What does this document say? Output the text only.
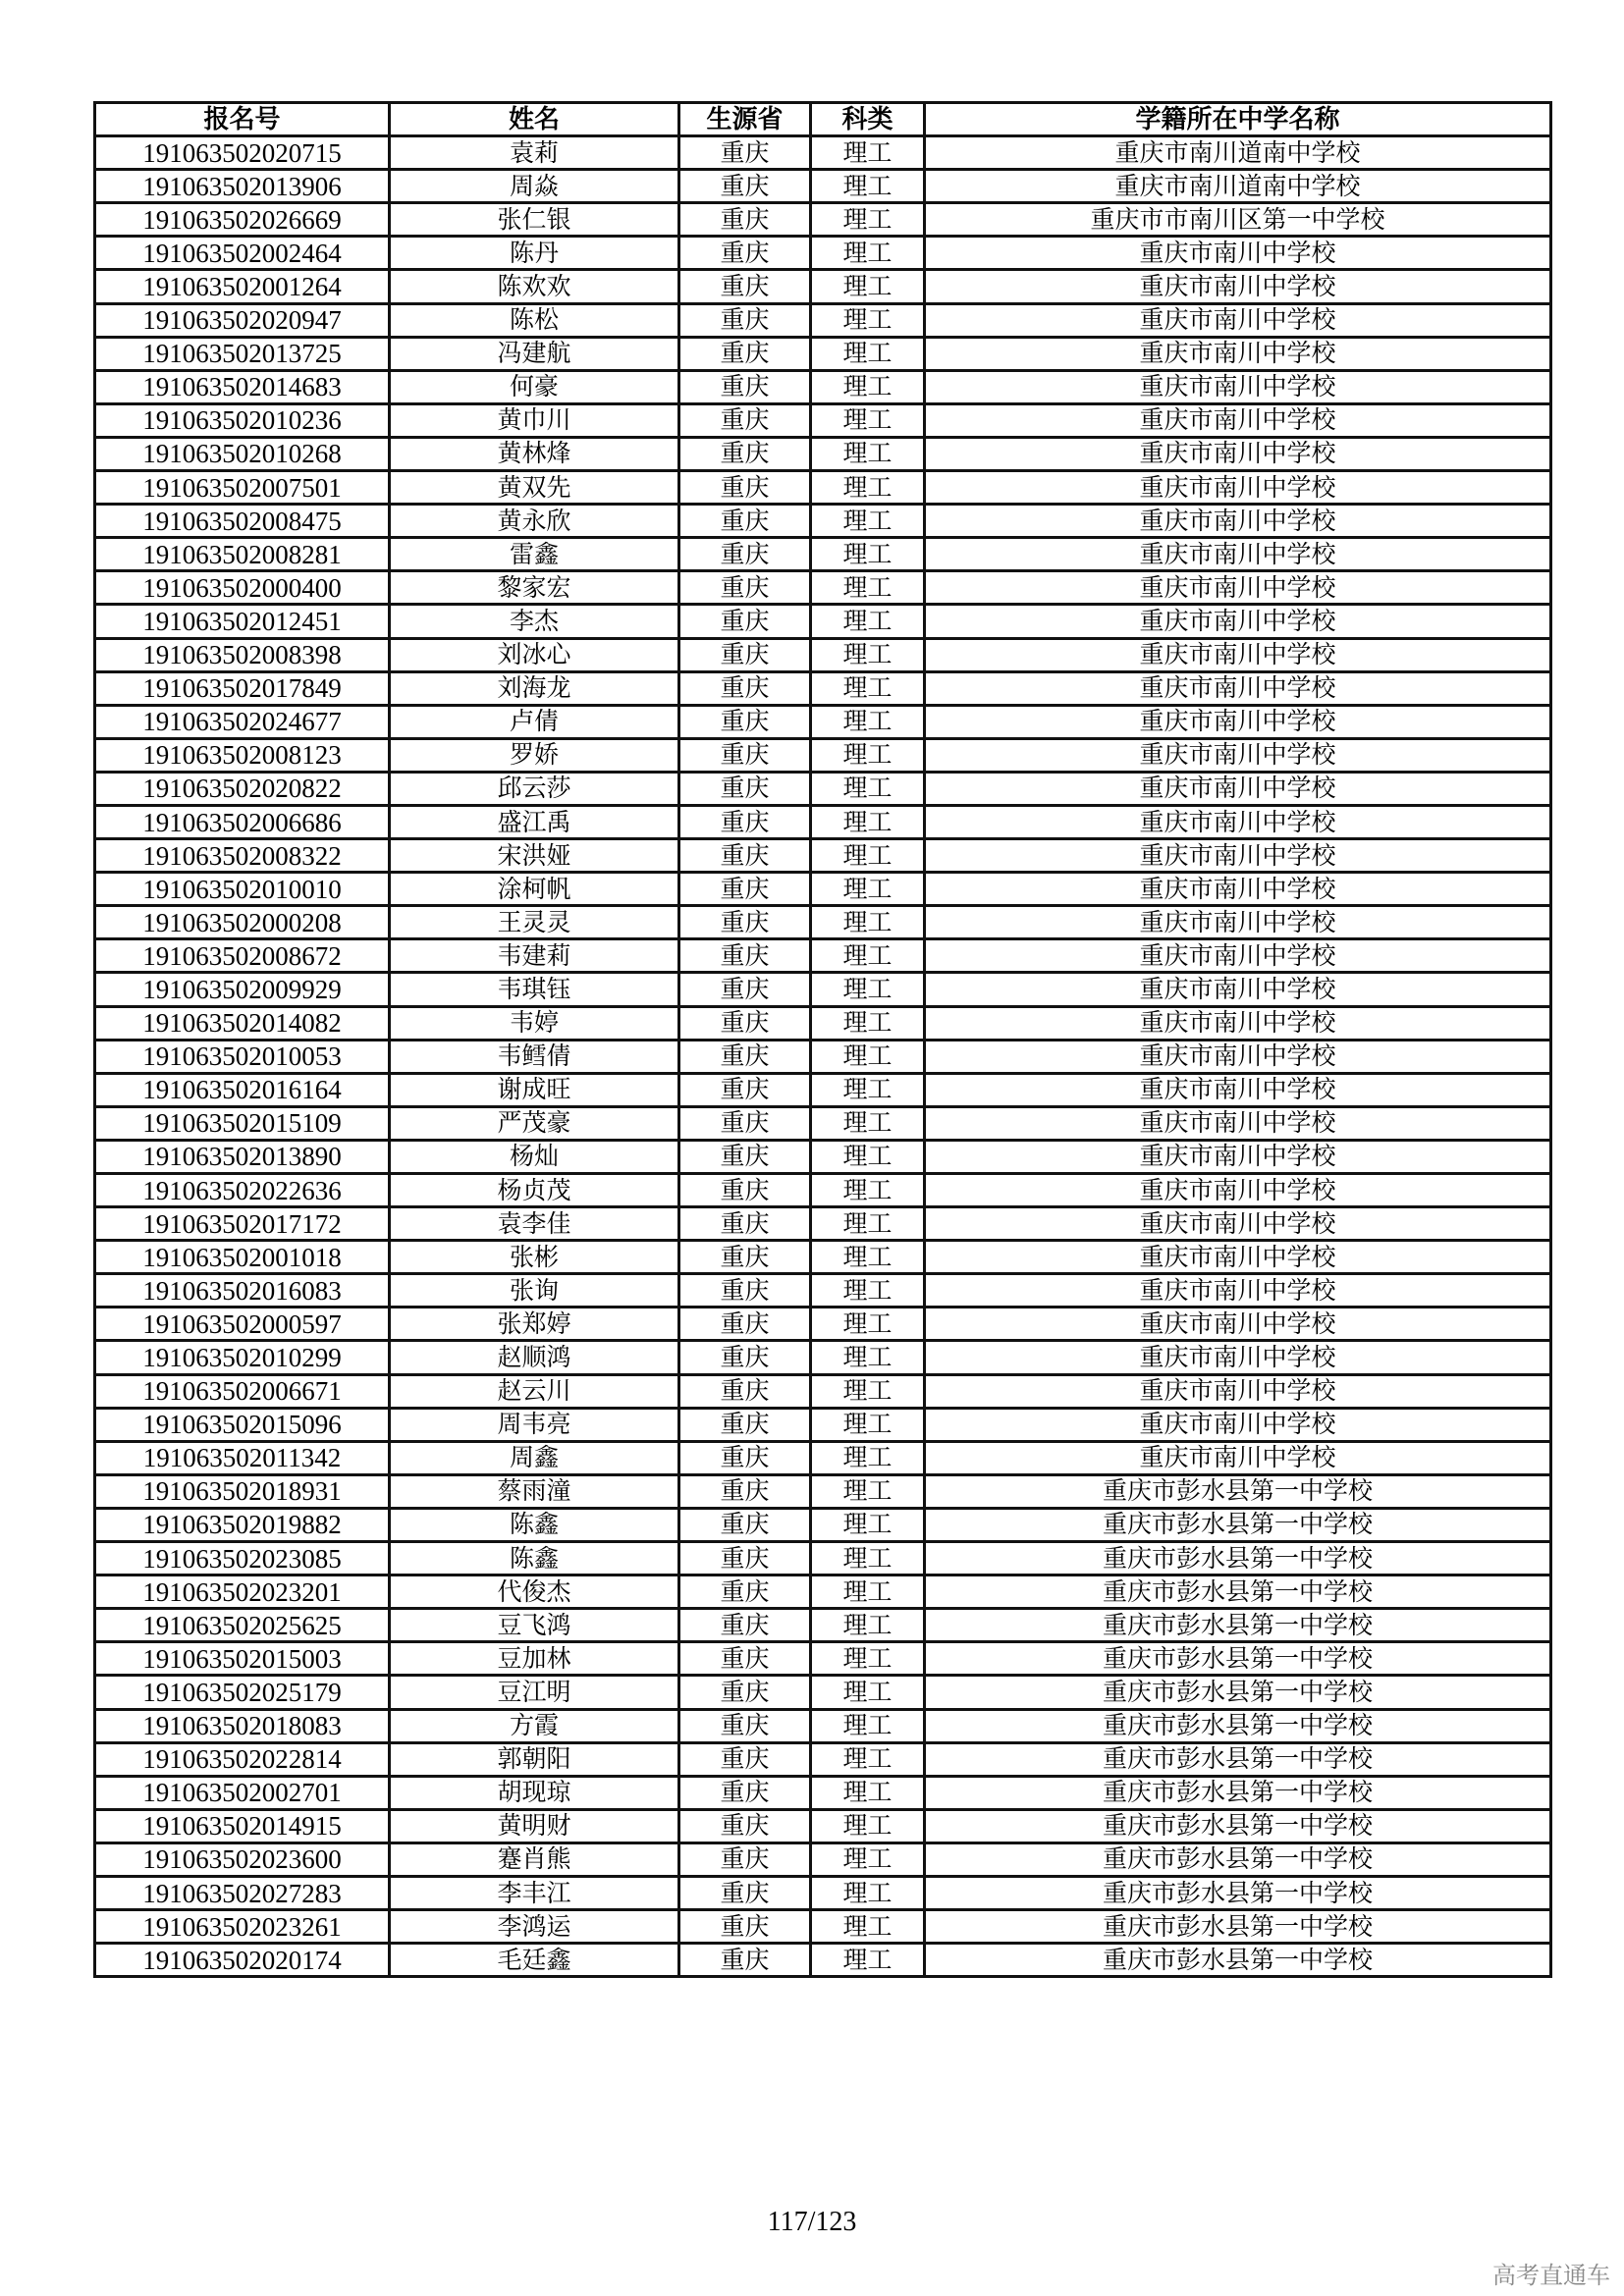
报名号	姓名	生源省	科类	学籍所在中学名称
191063502020715	袁莉	重庆	理工	重庆市南川道南中学校
191063502013906	周焱	重庆	理工	重庆市南川道南中学校
191063502026669	张仁银	重庆	理工	重庆市市南川区第一中学校
191063502002464	陈丹	重庆	理工	重庆市南川中学校
191063502001264	陈欢欢	重庆	理工	重庆市南川中学校
191063502020947	陈松	重庆	理工	重庆市南川中学校
191063502013725	冯建航	重庆	理工	重庆市南川中学校
191063502014683	何豪	重庆	理工	重庆市南川中学校
191063502010236	黄巾川	重庆	理工	重庆市南川中学校
191063502010268	黄林烽	重庆	理工	重庆市南川中学校
191063502007501	黄双先	重庆	理工	重庆市南川中学校
191063502008475	黄永欣	重庆	理工	重庆市南川中学校
191063502008281	雷鑫	重庆	理工	重庆市南川中学校
191063502000400	黎家宏	重庆	理工	重庆市南川中学校
191063502012451	李杰	重庆	理工	重庆市南川中学校
191063502008398	刘冰心	重庆	理工	重庆市南川中学校
191063502017849	刘海龙	重庆	理工	重庆市南川中学校
191063502024677	卢倩	重庆	理工	重庆市南川中学校
191063502008123	罗娇	重庆	理工	重庆市南川中学校
191063502020822	邱云莎	重庆	理工	重庆市南川中学校
191063502006686	盛江禹	重庆	理工	重庆市南川中学校
191063502008322	宋洪娅	重庆	理工	重庆市南川中学校
191063502010010	涂柯帆	重庆	理工	重庆市南川中学校
191063502000208	王灵灵	重庆	理工	重庆市南川中学校
191063502008672	韦建莉	重庆	理工	重庆市南川中学校
191063502009929	韦琪钰	重庆	理工	重庆市南川中学校
191063502014082	韦婷	重庆	理工	重庆市南川中学校
191063502010053	韦鳕倩	重庆	理工	重庆市南川中学校
191063502016164	谢成旺	重庆	理工	重庆市南川中学校
191063502015109	严茂豪	重庆	理工	重庆市南川中学校
191063502013890	杨灿	重庆	理工	重庆市南川中学校
191063502022636	杨贞茂	重庆	理工	重庆市南川中学校
191063502017172	袁李佳	重庆	理工	重庆市南川中学校
191063502001018	张彬	重庆	理工	重庆市南川中学校
191063502016083	张询	重庆	理工	重庆市南川中学校
191063502000597	张郑婷	重庆	理工	重庆市南川中学校
191063502010299	赵顺鸿	重庆	理工	重庆市南川中学校
191063502006671	赵云川	重庆	理工	重庆市南川中学校
191063502015096	周韦亮	重庆	理工	重庆市南川中学校
191063502011342	周鑫	重庆	理工	重庆市南川中学校
191063502018931	蔡雨潼	重庆	理工	重庆市彭水县第一中学校
191063502019882	陈鑫	重庆	理工	重庆市彭水县第一中学校
191063502023085	陈鑫	重庆	理工	重庆市彭水县第一中学校
191063502023201	代俊杰	重庆	理工	重庆市彭水县第一中学校
191063502025625	豆飞鸿	重庆	理工	重庆市彭水县第一中学校
191063502015003	豆加林	重庆	理工	重庆市彭水县第一中学校
191063502025179	豆江明	重庆	理工	重庆市彭水县第一中学校
191063502018083	方霞	重庆	理工	重庆市彭水县第一中学校
191063502022814	郭朝阳	重庆	理工	重庆市彭水县第一中学校
191063502002701	胡现琼	重庆	理工	重庆市彭水县第一中学校
191063502014915	黄明财	重庆	理工	重庆市彭水县第一中学校
191063502023600	蹇肖熊	重庆	理工	重庆市彭水县第一中学校
191063502027283	李丰江	重庆	理工	重庆市彭水县第一中学校
191063502023261	李鸿运	重庆	理工	重庆市彭水县第一中学校
191063502020174	毛廷鑫	重庆	理工	重庆市彭水县第一中学校
117/123
高考直通车
